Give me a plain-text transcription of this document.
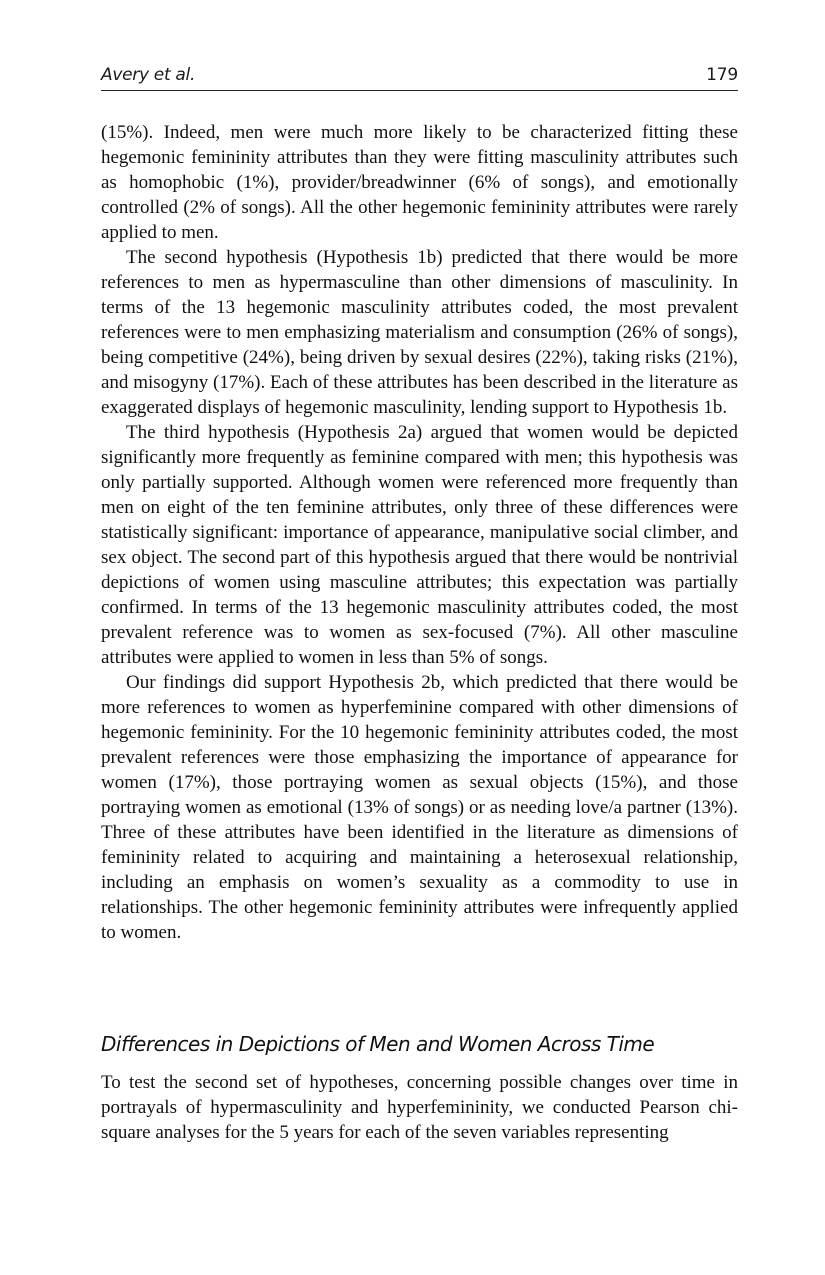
Avery et al.	179

(15%). Indeed, men were much more likely to be characterized fitting these hegemonic femininity attributes than they were fitting masculinity attributes such as homophobic (1%), provider/breadwinner (6% of songs), and emotionally controlled (2% of songs). All the other hegemonic femininity attributes were rarely applied to men.

The second hypothesis (Hypothesis 1b) predicted that there would be more references to men as hypermasculine than other dimensions of masculinity. In terms of the 13 hegemonic masculinity attributes coded, the most prevalent references were to men emphasizing materialism and consumption (26% of songs), being competitive (24%), being driven by sexual desires (22%), taking risks (21%), and misogyny (17%). Each of these attributes has been described in the literature as exaggerated displays of hegemonic masculinity, lending support to Hypothesis 1b.

The third hypothesis (Hypothesis 2a) argued that women would be depicted significantly more frequently as feminine compared with men; this hypothesis was only partially supported. Although women were referenced more frequently than men on eight of the ten feminine attributes, only three of these differences were statistically significant: importance of appearance, manipulative social climber, and sex object. The second part of this hypothesis argued that there would be nontrivial depictions of women using masculine attributes; this expectation was partially confirmed. In terms of the 13 hegemonic masculinity attributes coded, the most prevalent reference was to women as sex-focused (7%). All other masculine attributes were applied to women in less than 5% of songs.

Our findings did support Hypothesis 2b, which predicted that there would be more references to women as hyperfeminine compared with other dimensions of hegemonic femininity. For the 10 hegemonic femininity attributes coded, the most prevalent references were those emphasizing the importance of appearance for women (17%), those portraying women as sexual objects (15%), and those portraying women as emotional (13% of songs) or as needing love/a partner (13%). Three of these attributes have been identified in the literature as dimensions of femininity related to acquiring and maintaining a heterosexual relationship, including an emphasis on women’s sexuality as a commodity to use in relationships. The other hegemonic femininity attributes were infrequently applied to women.

Differences in Depictions of Men and Women Across Time

To test the second set of hypotheses, concerning possible changes over time in portrayals of hypermasculinity and hyperfemininity, we conducted Pearson chi-square analyses for the 5 years for each of the seven variables representing
